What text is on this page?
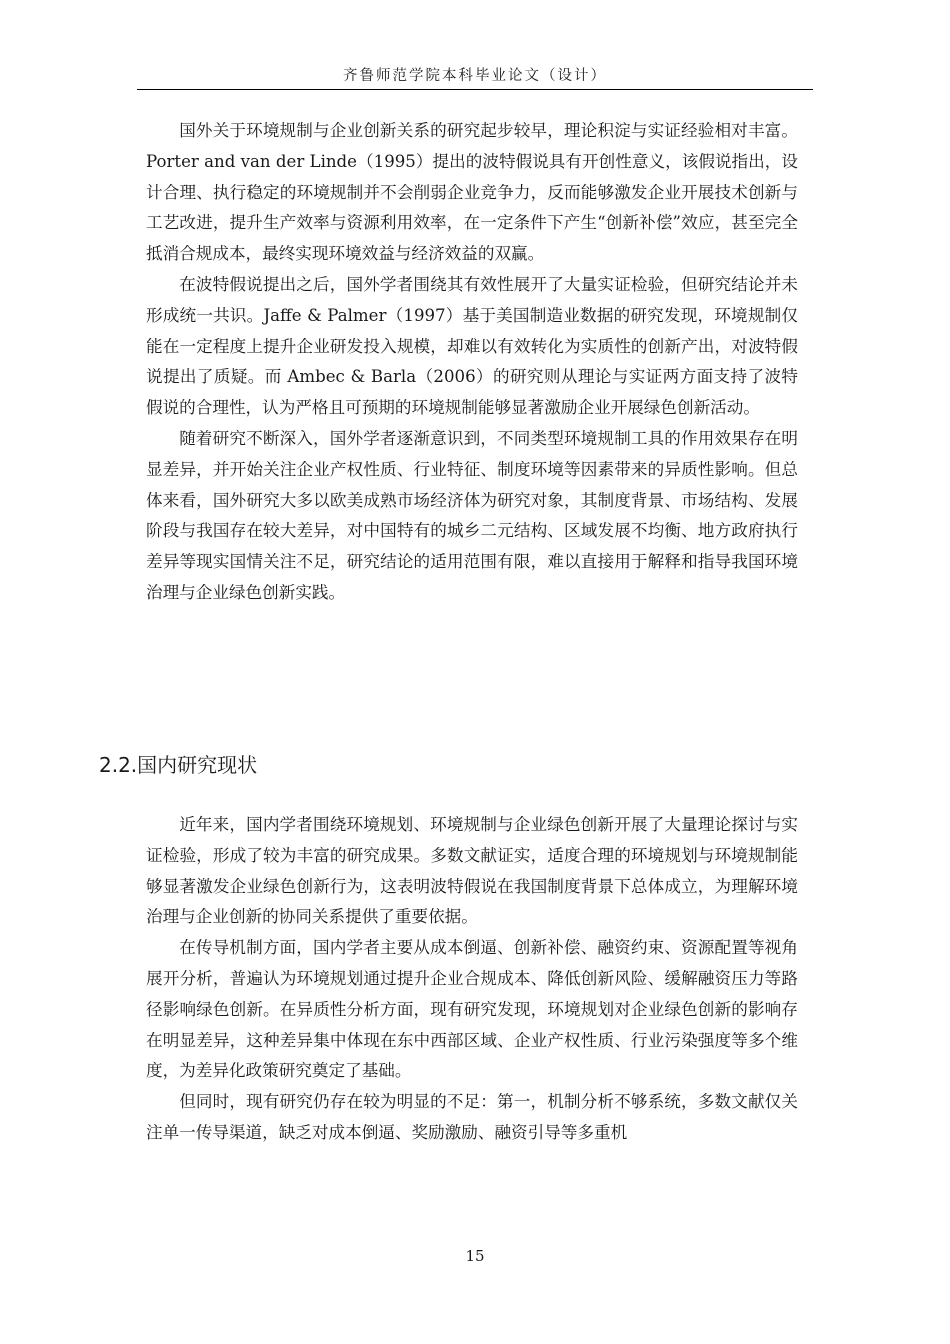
齐鲁师范学院本科毕业论文（设计）

国外关于环境规制与企业创新关系的研究起步较早，理论积淀与实证经验相对丰富。Porter and van der Linde（1995）提出的波特假说具有开创性意义，该假说指出，设计合理、执行稳定的环境规制并不会削弱企业竞争力，反而能够激发企业开展技术创新与工艺改进，提升生产效率与资源利用效率，在一定条件下产生“创新补偿”效应，甚至完全抵消合规成本，最终实现环境效益与经济效益的双赢。

在波特假说提出之后，国外学者围绕其有效性展开了大量实证检验，但研究结论并未形成统一共识。Jaffe & Palmer（1997）基于美国制造业数据的研究发现，环境规制仅能在一定程度上提升企业研发投入规模，却难以有效转化为实质性的创新产出，对波特假说提出了质疑。而 Ambec & Barla（2006）的研究则从理论与实证两方面支持了波特假说的合理性，认为严格且可预期的环境规制能够显著激励企业开展绿色创新活动。

随着研究不断深入，国外学者逐渐意识到，不同类型环境规制工具的作用效果存在明显差异，并开始关注企业产权性质、行业特征、制度环境等因素带来的异质性影响。但总体来看，国外研究大多以欧美成熟市场经济体为研究对象，其制度背景、市场结构、发展阶段与我国存在较大差异，对中国特有的城乡二元结构、区域发展不均衡、地方政府执行差异等现实国情关注不足，研究结论的适用范围有限，难以直接用于解释和指导我国环境治理与企业绿色创新实践。

2.2.国内研究现状

近年来，国内学者围绕环境规划、环境规制与企业绿色创新开展了大量理论探讨与实证检验，形成了较为丰富的研究成果。多数文献证实，适度合理的环境规划与环境规制能够显著激发企业绿色创新行为，这表明波特假说在我国制度背景下总体成立，为理解环境治理与企业创新的协同关系提供了重要依据。

在传导机制方面，国内学者主要从成本倒逼、创新补偿、融资约束、资源配置等视角展开分析，普遍认为环境规划通过提升企业合规成本、降低创新风险、缓解融资压力等路径影响绿色创新。在异质性分析方面，现有研究发现，环境规划对企业绿色创新的影响存在明显差异，这种差异集中体现在东中西部区域、企业产权性质、行业污染强度等多个维度，为差异化政策研究奠定了基础。

但同时，现有研究仍存在较为明显的不足：第一，机制分析不够系统，多数文献仅关注单一传导渠道，缺乏对成本倒逼、奖励激励、融资引导等多重机

15
